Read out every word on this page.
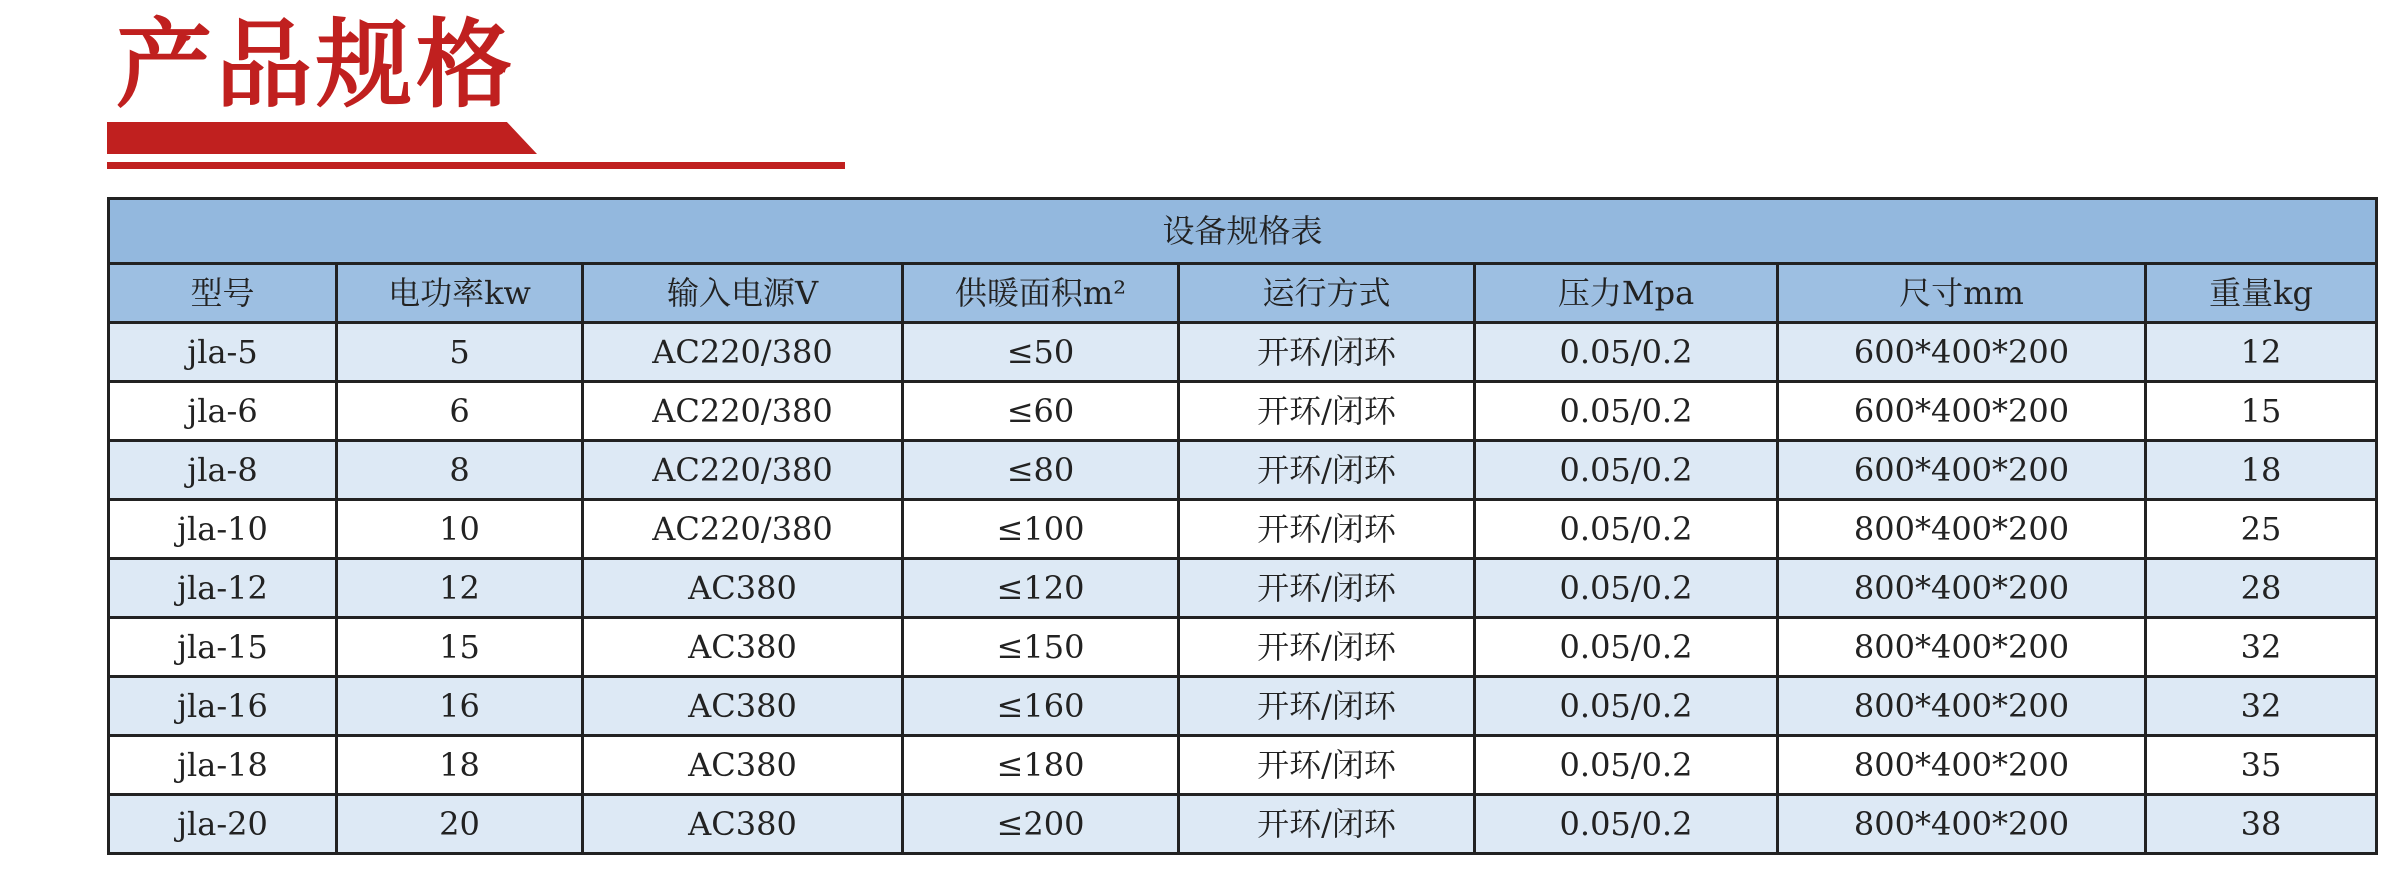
产品规格
设备规格表							
型号	电功率kw	输入电源V	供暖面积m²	运行方式	压力Mpa	尺寸mm	重量kg
jla-5	5	AC220/380	≤50	开环/闭环	0.05/0.2	600*400*200	12
jla-6	6	AC220/380	≤60	开环/闭环	0.05/0.2	600*400*200	15
jla-8	8	AC220/380	≤80	开环/闭环	0.05/0.2	600*400*200	18
jla-10	10	AC220/380	≤100	开环/闭环	0.05/0.2	800*400*200	25
jla-12	12	AC380	≤120	开环/闭环	0.05/0.2	800*400*200	28
jla-15	15	AC380	≤150	开环/闭环	0.05/0.2	800*400*200	32
jla-16	16	AC380	≤160	开环/闭环	0.05/0.2	800*400*200	32
jla-18	18	AC380	≤180	开环/闭环	0.05/0.2	800*400*200	35
jla-20	20	AC380	≤200	开环/闭环	0.05/0.2	800*400*200	38
